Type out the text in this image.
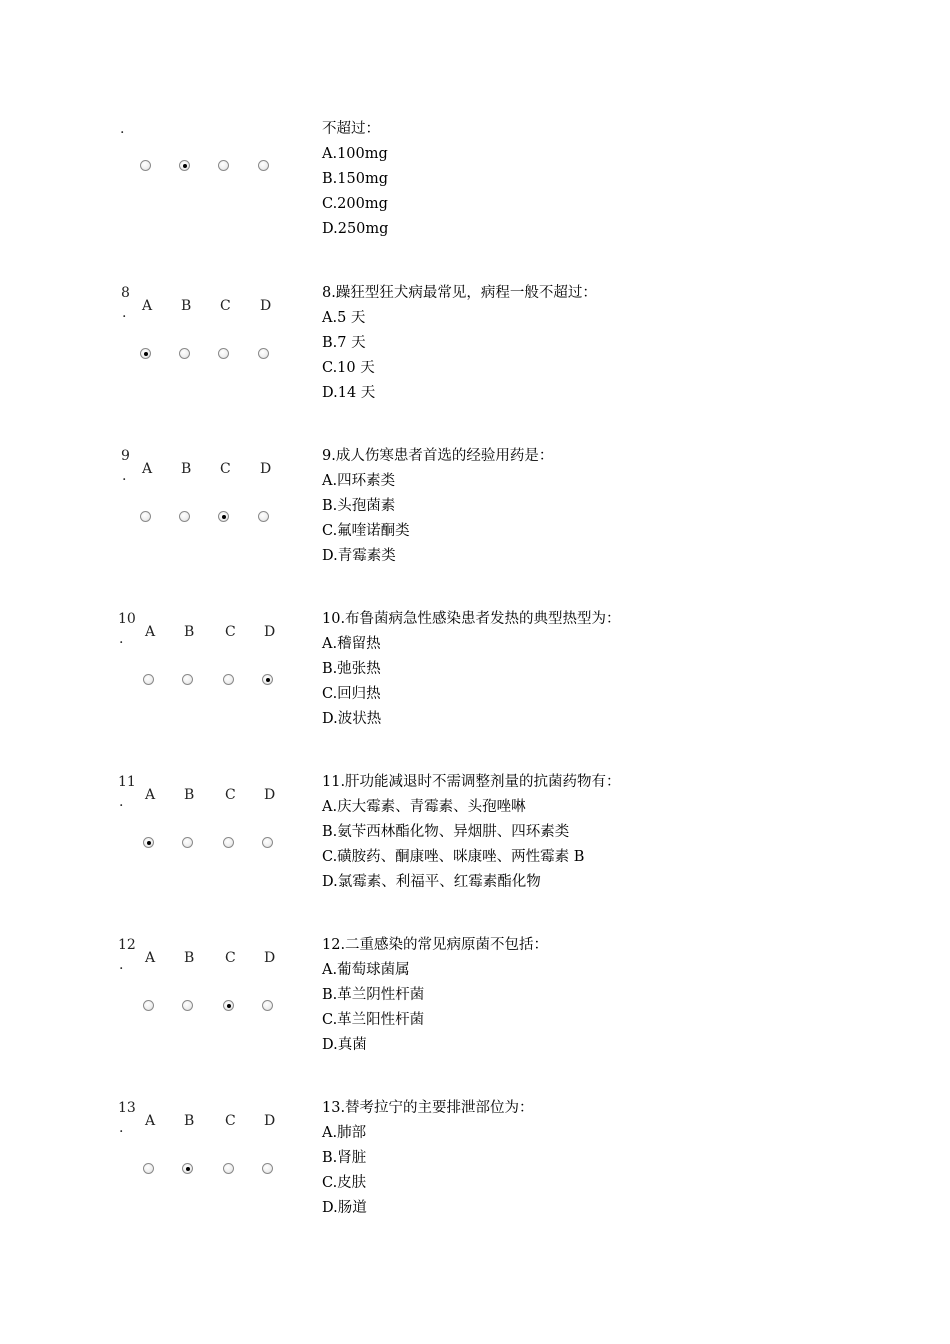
.	不超过：
A.100mg
B.150mg
C.200mg
D.250mg
8
. A B C D
8.躁狂型狂犬病最常见，病程一般不超过：
A.5 天
B.7 天
C.10 天
D.14 天
9
. A B C D
9.成人伤寒患者首选的经验用药是：
A.四环素类
B.头孢菌素
C.氟喹诺酮类
D.青霉素类
10
. A B C D
10.布鲁菌病急性感染患者发热的典型热型为：
A.稽留热
B.弛张热
C.回归热
D.波状热
11
. A B C D
11.肝功能减退时不需调整剂量的抗菌药物有：
A.庆大霉素、青霉素、头孢唑啉
B.氨苄西林酯化物、异烟肼、四环素类
C.磺胺药、酮康唑、咪康唑、两性霉素 B
D.氯霉素、利福平、红霉素酯化物
12
. A B C D
12.二重感染的常见病原菌不包括：
A.葡萄球菌属
B.革兰阴性杆菌
C.革兰阳性杆菌
D.真菌
13
. A B C D
13.替考拉宁的主要排泄部位为：
A.肺部
B.肾脏
C.皮肤
D.肠道
